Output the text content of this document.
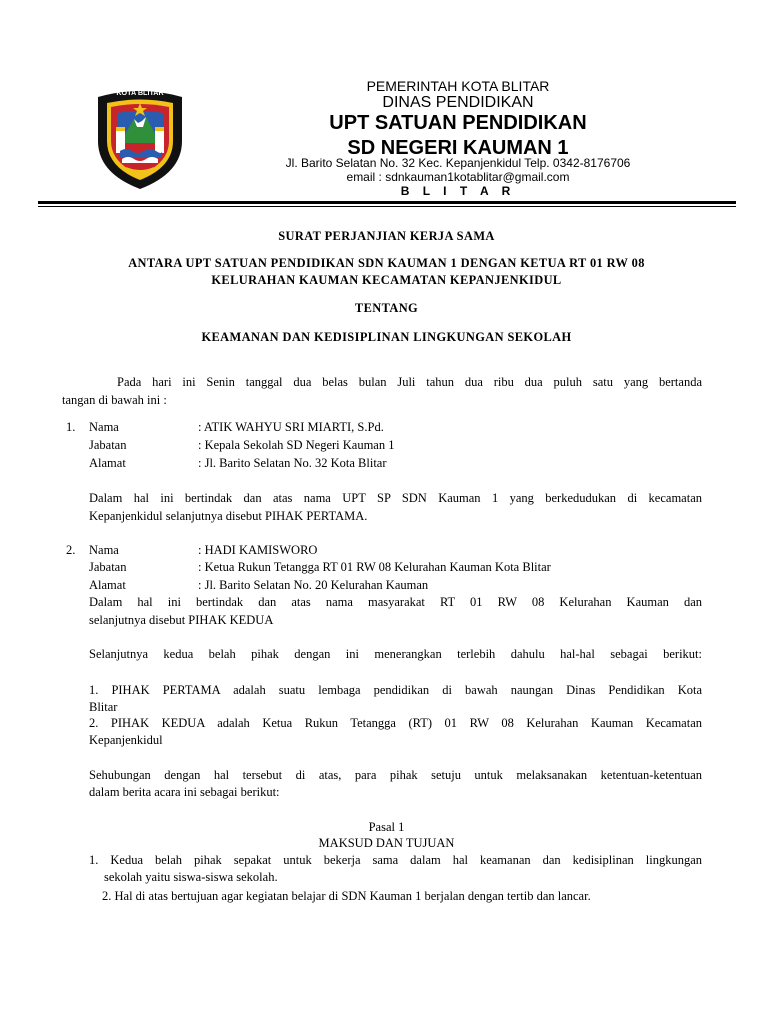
KOTA BLITAR	PEMERINTAH KOTA BLITAR
DINAS PENDIDIKAN
UPT SATUAN PENDIDIKAN
SD NEGERI KAUMAN 1
Jl. Barito Selatan No. 32 Kec. Kepanjenkidul Telp. 0342-8176706
email : sdnkauman1kotablitar@gmail.com
B L I T A R
SURAT PERJANJIAN KERJA SAMA
ANTARA UPT SATUAN PENDIDIKAN SDN KAUMAN 1 DENGAN KETUA RT 01 RW 08
KELURAHAN KAUMAN KECAMATAN KEPANJENKIDUL
TENTANG
KEAMANAN DAN KEDISIPLINAN LINGKUNGAN SEKOLAH
Pada hari ini Senin tanggal dua belas bulan Juli tahun dua ribu dua puluh satu yang bertanda
tangan di bawah ini :
1. Nama	: ATIK WAHYU SRI MIARTI, S.Pd.
Jabatan	: Kepala Sekolah SD Negeri Kauman 1
Alamat	: Jl. Barito Selatan No. 32 Kota Blitar
Dalam hal ini bertindak dan atas nama UPT SP SDN Kauman 1 yang berkedudukan di kecamatan
Kepanjenkidul selanjutnya disebut PIHAK PERTAMA.
2. Nama	: HADI KAMISWORO
Jabatan	: Ketua Rukun Tetangga RT 01 RW 08 Kelurahan Kauman Kota Blitar
Alamat	: Jl. Barito Selatan No. 20 Kelurahan Kauman
Dalam hal ini bertindak dan atas nama masyarakat RT 01 RW 08 Kelurahan Kauman dan
selanjutnya disebut PIHAK KEDUA
Selanjutnya kedua belah pihak dengan ini menerangkan terlebih dahulu hal-hal sebagai berikut:
1. PIHAK PERTAMA adalah suatu lembaga pendidikan di bawah naungan Dinas Pendidikan Kota
Blitar
2. PIHAK KEDUA adalah Ketua Rukun Tetangga (RT) 01 RW 08 Kelurahan Kauman Kecamatan
Kepanjenkidul
Sehubungan dengan hal tersebut di atas, para pihak setuju untuk melaksanakan ketentuan-ketentuan
dalam berita acara ini sebagai berikut:
Pasal 1
MAKSUD DAN TUJUAN
1. Kedua belah pihak sepakat untuk bekerja sama dalam hal keamanan dan kedisiplinan lingkungan
sekolah yaitu siswa-siswa sekolah.
2. Hal di atas bertujuan agar kegiatan belajar di SDN Kauman 1 berjalan dengan tertib dan lancar.
